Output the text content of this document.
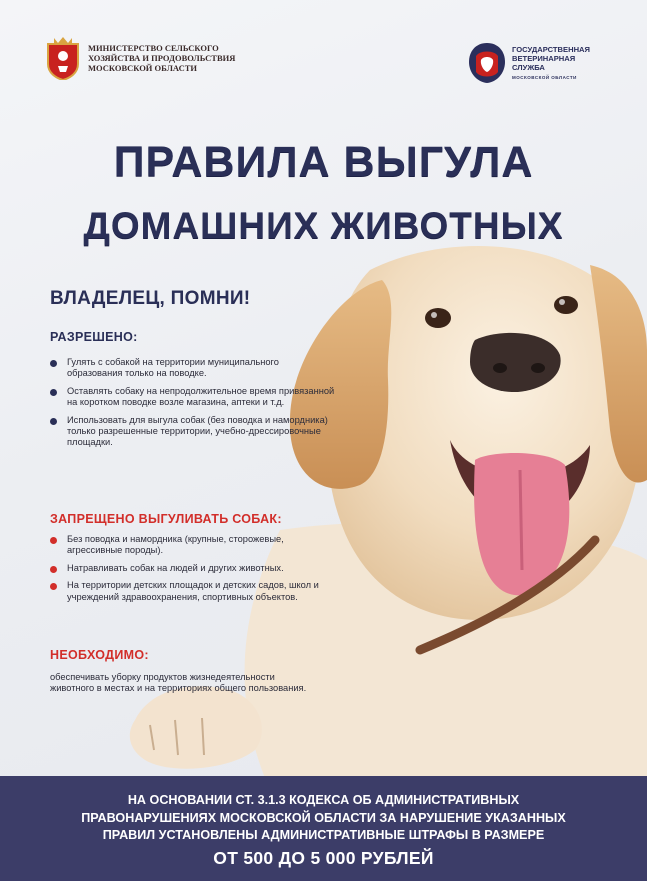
МИНИСТЕРСТВО СЕЛЬСКОГО ХОЗЯЙСТВА И ПРОДОВОЛЬСТВИЯ МОСКОВСКОЙ ОБЛАСТИ
ГОСУДАРСТВЕННАЯ ВЕТЕРИНАРНАЯ СЛУЖБА
МОСКОВСКОЙ ОБЛАСТИ
ПРАВИЛА ВЫГУЛА
ДОМАШНИХ ЖИВОТНЫХ
ВЛАДЕЛЕЦ, ПОМНИ!
РАЗРЕШЕНО:
Гулять с собакой на территории муниципального образования только на поводке.
Оставлять собаку на непродолжительное время привязанной на коротком поводке возле магазина, аптеки и т.д.
Использовать для выгула собак (без поводка и намордника) только разрешенные территории, учебно-дрессировочные площадки.
ЗАПРЕЩЕНО ВЫГУЛИВАТЬ СОБАК:
Без поводка и намордника (крупные, сторожевые, агрессивные породы).
Натравливать собак на людей и других животных.
На территории детских площадок и детских садов, школ и учреждений здравоохранения, спортивных объектов.
НЕОБХОДИМО:
обеспечивать уборку продуктов жизнедеятельности животного в местах и на территориях общего пользования.
НА ОСНОВАНИИ СТ. 3.1.3 КОДЕКСА ОБ АДМИНИСТРАТИВНЫХ ПРАВОНАРУШЕНИЯХ МОСКОВСКОЙ ОБЛАСТИ ЗА НАРУШЕНИЕ УКАЗАННЫХ ПРАВИЛ УСТАНОВЛЕНЫ АДМИНИСТРАТИВНЫЕ ШТРАФЫ В РАЗМЕРЕ
ОТ 500 ДО 5 000 РУБЛЕЙ
